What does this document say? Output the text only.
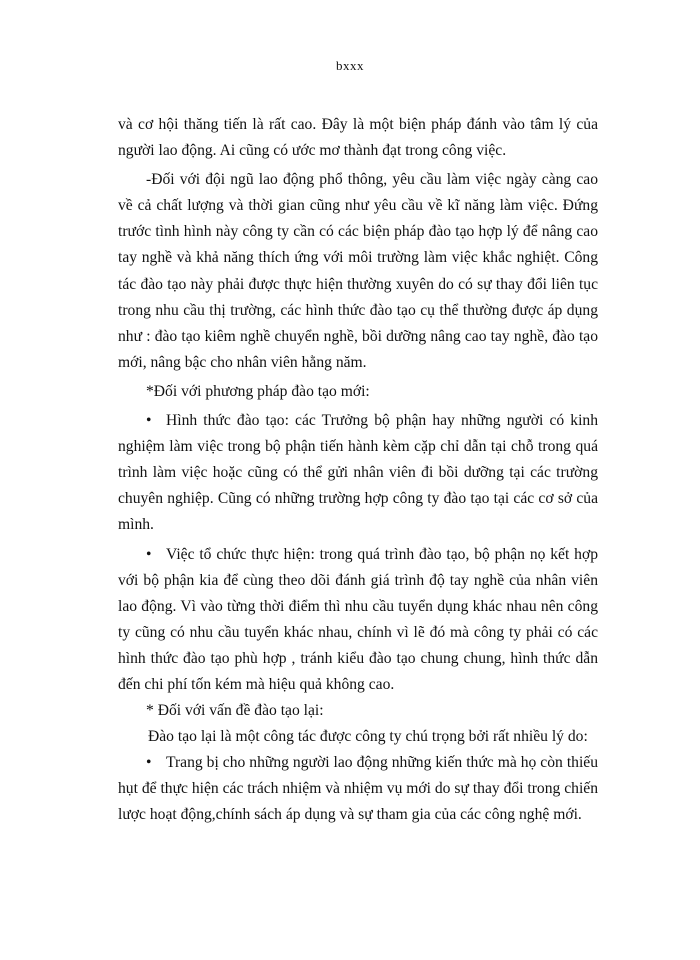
bxxx

và cơ hội thăng tiến là rất cao. Đây là một biện pháp đánh vào tâm lý của người lao động. Ai cũng có ước mơ thành đạt trong công việc.

-Đối với đội ngũ lao động phổ thông, yêu cầu làm việc ngày càng cao về cả chất lượng và thời gian cũng như yêu cầu về kĩ năng làm việc. Đứng trước tình hình này công ty cần có các biện pháp đào tạo hợp lý để nâng cao tay nghề và khả năng thích ứng với môi trường làm việc khắc nghiệt. Công tác đào tạo này phải được thực hiện thường xuyên do có sự thay đổi liên tục trong nhu cầu thị trường, các hình thức đào tạo cụ thể thường được áp dụng như : đào tạo kiêm nghề chuyển nghề, bồi dưỡng nâng cao tay nghề, đào tạo mới, nâng bậc cho nhân viên hằng năm.

*Đối với phương pháp đào tạo mới:

• Hình thức đào tạo: các Trưởng bộ phận hay những người có kinh nghiệm làm việc trong bộ phận tiến hành kèm cặp chỉ dẫn tại chỗ trong quá trình làm việc hoặc cũng có thể gửi nhân viên đi bồi dưỡng tại các trường chuyên nghiệp. Cũng có những trường hợp công ty đào tạo tại các cơ sở của mình.

• Việc tổ chức thực hiện: trong quá trình đào tạo, bộ phận nọ kết hợp với bộ phận kia để cùng theo dõi đánh giá trình độ tay nghề của nhân viên lao động. Vì vào từng thời điểm thì nhu cầu tuyển dụng khác nhau nên công ty cũng có nhu cầu tuyển khác nhau, chính vì lẽ đó mà công ty phải có các hình thức đào tạo phù hợp , tránh kiểu đào tạo chung chung, hình thức dẫn đến chi phí tốn kém mà hiệu quả không cao.

* Đối với vấn đề đào tạo lại:

Đào tạo lại là một công tác được công ty chú trọng bởi rất nhiều lý do:

• Trang bị cho những người lao động những kiến thức mà họ còn thiếu hụt để thực hiện các trách nhiệm và nhiệm vụ mới do sự thay đổi trong chiến lược hoạt động,chính sách áp dụng và sự tham gia của các công nghệ mới.
